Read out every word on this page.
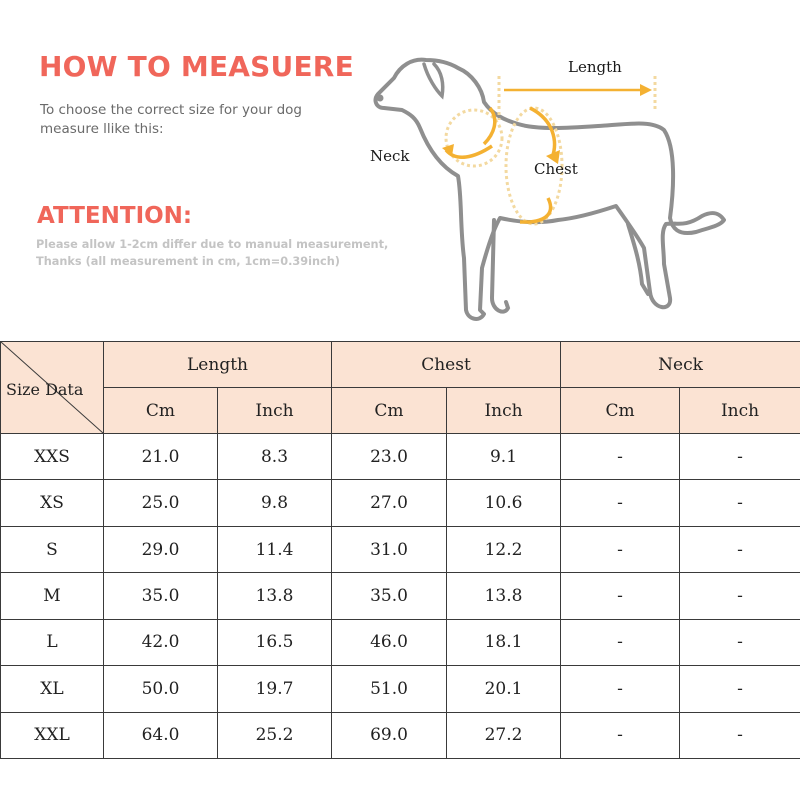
HOW TO MEASUERE

To choose the correct size for your dog measure llike this:

ATTENTION:

Please allow 1-2cm differ due to manual measurement, Thanks (all measurement in cm, 1cm=0.39inch)

Length
Neck
Chest
Size Data	Length		Chest		Neck	
	Cm	Inch	Cm	Inch	Cm	Inch
XXS	21.0	8.3	23.0	9.1	-	-
XS	25.0	9.8	27.0	10.6	-	-
S	29.0	11.4	31.0	12.2	-	-
M	35.0	13.8	35.0	13.8	-	-
L	42.0	16.5	46.0	18.1	-	-
XL	50.0	19.7	51.0	20.1	-	-
XXL	64.0	25.2	69.0	27.2	-	-
